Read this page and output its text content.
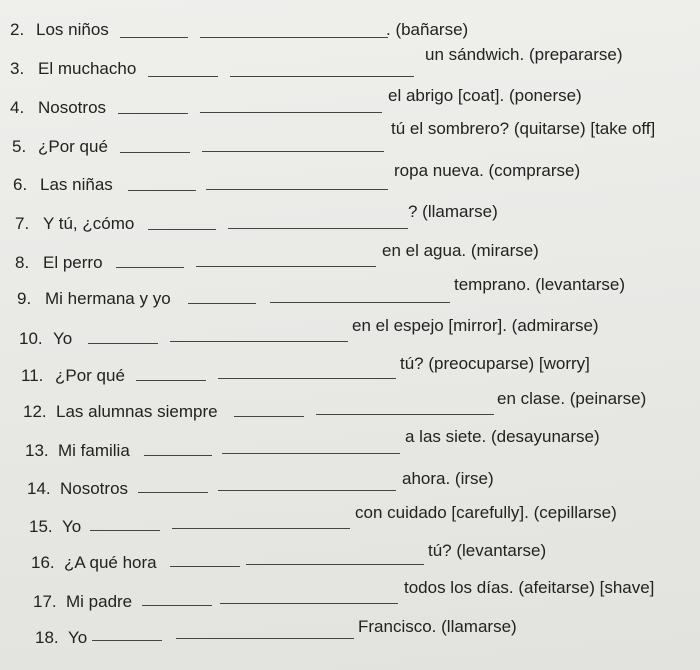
2. Los niños	. (bañarse)
3. El muchacho
un sándwich. (prepararse)
4. Nosotros
el abrigo [coat]. (ponerse)
5. ¿Por qué
tú el sombrero? (quitarse) [take off]
6. Las niñas
ropa nueva. (comprarse)
7. Y tú, ¿cómo
? (llamarse)
8. El perro
en el agua. (mirarse)
9. Mi hermana y yo
temprano. (levantarse)
10. Yo
en el espejo [mirror]. (admirarse)
11. ¿Por qué
tú? (preocuparse) [worry]
12. Las alumnas siempre
en clase. (peinarse)
13. Mi familia
a las siete. (desayunarse)
14. Nosotros
ahora. (irse)
15. Yo
con cuidado [carefully]. (cepillarse)
16. ¿A qué hora
tú? (levantarse)
17. Mi padre
todos los días. (afeitarse) [shave]
18. Yo
Francisco. (llamarse)
